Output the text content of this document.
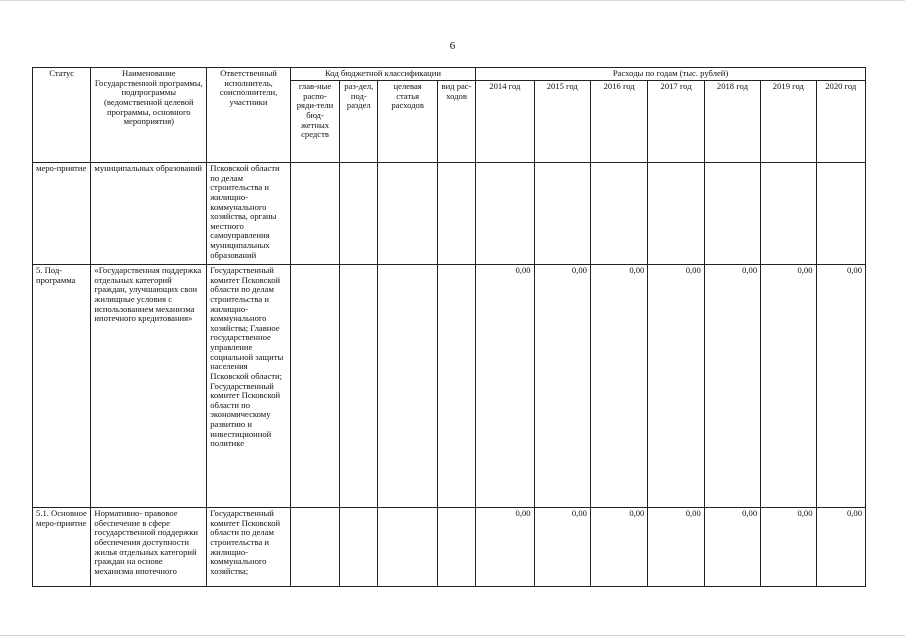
6
Статус	Наименование Государственной программы, подпрограммы (ведомственной целевой программы, основного мероприятия)	Ответственный исполнитель, соисполнители, участники	Код бюджетной классификации				Расходы по годам (тыс. рублей)						
			глав-ные распо-ряди-тели бюд-жетных средств	раз-дел, под-раздел	целевая статья расходов	вид рас-ходов	2014 год	2015 год	2016 год	2017 год	2018 год	2019 год	2020 год
меро-приятие	муниципальных образований	Псковской области по делам строительства и жилищно-коммунального хозяйства, органы местного самоуправления муниципальных образований											
5. Под-программа	«Государственная поддержка отдельных категорий граждан, улучшающих свои жилищные условия с использованием механизма ипотечного кредитования»	Государственный комитет Псковской области по делам строительства и жилищно-коммунального хозяйства; Главное государственное управление социальной защиты населения Псковской области; Государственный комитет Псковской области по экономическому развитию и инвестиционной политике					0,00	0,00	0,00	0,00	0,00	0,00	0,00
5.1. Основное меро-приятие	Нормативно- правовое обеспечение в сфере государственной поддержки обеспечения доступности жилья отдельных категорий граждан на основе механизма ипотечного	Государственный комитет Псковской области по делам строительства и жилищно-коммунального хозяйства;					0,00	0,00	0,00	0,00	0,00	0,00	0,00
